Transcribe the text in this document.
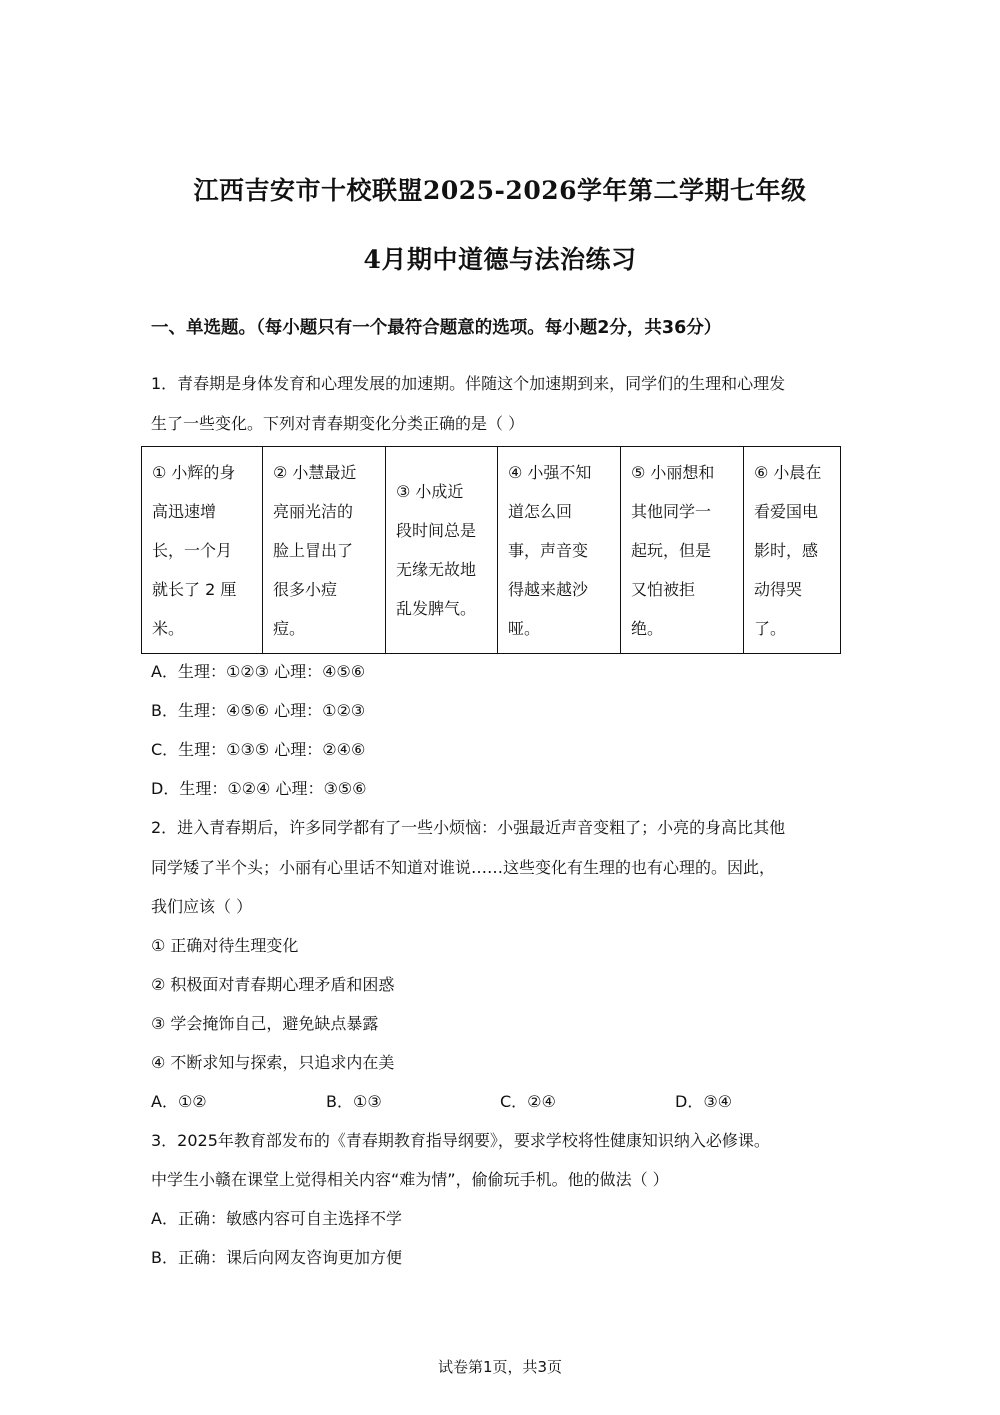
江西吉安市十校联盟2025-2026学年第二学期七年级
4月期中道德与法治练习
一、单选题。（每小题只有一个最符合题意的选项。每小题2分，共36分）
1．青春期是身体发育和心理发展的加速期。伴随这个加速期到来，同学们的生理和心理发
生了一些变化。下列对青春期变化分类正确的是（ ）
① 小辉的身
高迅速增
长，一个月
就长了 2 厘
米。	② 小慧最近
亮丽光洁的
脸上冒出了
很多小痘
痘。	③ 小成近
段时间总是
无缘无故地
乱发脾气。	④ 小强不知
道怎么回
事，声音变
得越来越沙
哑。	⑤ 小丽想和
其他同学一
起玩，但是
又怕被拒
绝。	⑥ 小晨在
看爱国电
影时，感
动得哭
了。
A．生理：①②③ 心理：④⑤⑥
B．生理：④⑤⑥ 心理：①②③
C．生理：①③⑤ 心理：②④⑥
D．生理：①②④ 心理：③⑤⑥
2．进入青春期后，许多同学都有了一些小烦恼：小强最近声音变粗了；小亮的身高比其他
同学矮了半个头；小丽有心里话不知道对谁说……这些变化有生理的也有心理的。因此，
我们应该（ ）
① 正确对待生理变化
② 积极面对青春期心理矛盾和困惑
③ 学会掩饰自己，避免缺点暴露
④ 不断求知与探索，只追求内在美
A．①②	B．①③	C．②④	D．③④
3．2025年教育部发布的《青春期教育指导纲要》，要求学校将性健康知识纳入必修课。
中学生小赣在课堂上觉得相关内容“难为情”，偷偷玩手机。他的做法（ ）
A．正确：敏感内容可自主选择不学
B．正确：课后向网友咨询更加方便
试卷第1页，共3页
